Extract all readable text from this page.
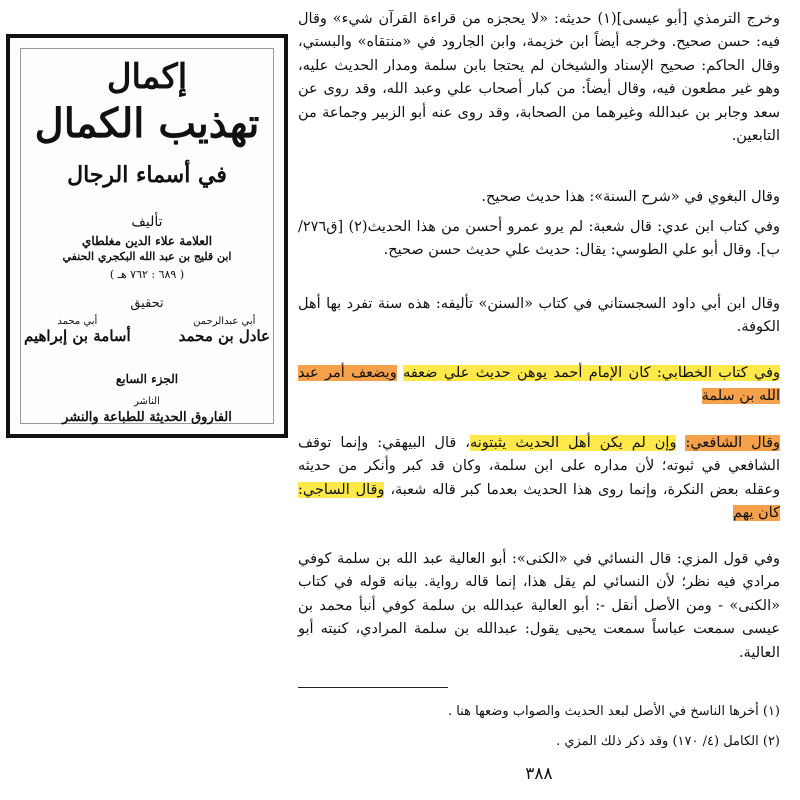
إكمال
تهذيب الكمال
في أسماء الرجال
تأليف
العلامة علاء الدين مغلطاي
ابن قليج بن عبد الله البكجري الحنفي
( ٦٨٩ : ٧٦٢ هـ )
تحقيق
أبي عبدالرحمن
عادل بن محمد
أبي محمد
أسامة بن إبراهيم
الجزء السابع
الناشر
الفاروق الحديثة للطباعة والنشر

وخرج الترمذي [أبو عيسى](١) حديثه: «لا يحجزه من قراءة القرآن شيء» وقال فيه: حسن صحيح. وخرجه أيضاً ابن خزيمة، وابن الجارود في «منتقاه» والبستي، وقال الحاكم: صحيح الإسناد والشيخان لم يحتجا بابن سلمة ومدار الحديث عليه، وهو غير مطعون فيه، وقال أيضاً: من كبار أصحاب علي وعبد الله، وقد روى عن سعد وجابر بن عبدالله وغيرهما من الصحابة، وقد روى عنه أبو الزبير وجماعة من التابعين.

وقال البغوي في «شرح السنة»: هذا حديث صحيح.

وفي كتاب ابن عدي: قال شعبة: لم يرو عمرو أحسن من هذا الحديث(٢) [ق٢٧٦/ب]. وقال أبو علي الطوسي: يقال: حديث علي حديث حسن صحيح.

وقال ابن أبي داود السجستاني في كتاب «السنن» تأليفه: هذه سنة تفرد بها أهل الكوفة.

وفي كتاب الخطابي: كان الإمام أحمد يوهن حديث علي ضعفه ويضعف أمر عبد الله بن سلمة

وقال الشافعي: وإن لم يكن أهل الحديث يثبتونه، قال البيهقي: وإنما توقف الشافعي في ثبوته؛ لأن مداره على ابن سلمة، وكان قد كبر وأنكر من حديثه وعقله بعض النكرة، وإنما روى هذا الحديث بعدما كبر قاله شعبة، وقال الساجي: كان يهم

وفي قول المزي: قال النسائي في «الكنى»: أبو العالية عبد الله بن سلمة كوفي مرادي فيه نظر؛ لأن النسائي لم يقل هذا، إنما قاله رواية. بيانه قوله في كتاب «الكنى» - ومن الأصل أنقل -: أبو العالية عبدالله بن سلمة كوفي أنبأ محمد بن عيسى سمعت عباساً سمعت يحيى يقول: عبدالله بن سلمة المرادي، كنيته أبو العالية.

(١) أخرها الناسخ في الأصل لبعد الحديث والصواب وضعها هنا .
(٢) الكامل (٤/ ١٧٠) وقد ذكر ذلك المزي .
٣٨٨
